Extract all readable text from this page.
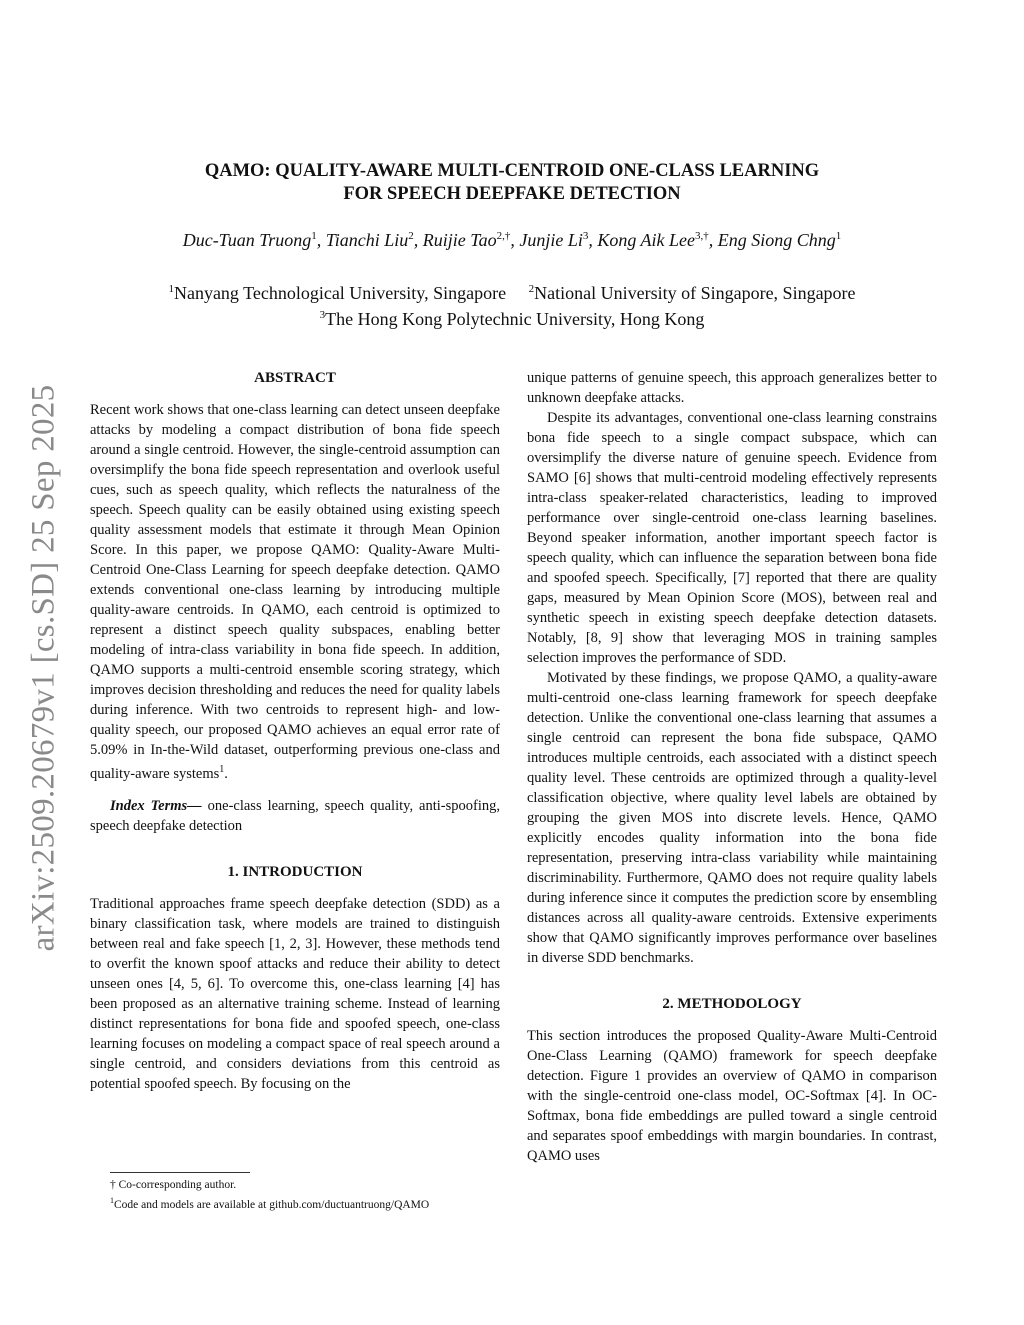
arXiv:2509.20679v1 [cs.SD] 25 Sep 2025
QAMO: QUALITY-AWARE MULTI-CENTROID ONE-CLASS LEARNING
FOR SPEECH DEEPFAKE DETECTION
Duc-Tuan Truong$^1$, Tianchi Liu$^2$, Ruijie Tao$^{2,\dagger}$, Junjie Li$^3$, Kong Aik Lee$^{3,\dagger}$, Eng Siong Chng$^1$
$^1$Nanyang Technological University, Singapore $^2$National University of Singapore, Singapore
$^3$The Hong Kong Polytechnic University, Hong Kong
ABSTRACT

Recent work shows that one-class learning can detect unseen deepfake attacks by modeling a compact distribution of bona fide speech around a single centroid. However, the single-centroid assumption can oversimplify the bona fide speech representation and overlook useful cues, such as speech quality, which reflects the naturalness of the speech. Speech quality can be easily obtained using existing speech quality assessment models that estimate it through Mean Opinion Score. In this paper, we propose QAMO: Quality-Aware Multi-Centroid One-Class Learning for speech deepfake detection. QAMO extends conventional one-class learning by introducing multiple quality-aware centroids. In QAMO, each centroid is optimized to represent a distinct speech quality subspaces, enabling better modeling of intra-class variability in bona fide speech. In addition, QAMO supports a multi-centroid ensemble scoring strategy, which improves decision thresholding and reduces the need for quality labels during inference. With two centroids to represent high- and low-quality speech, our proposed QAMO achieves an equal error rate of 5.09% in In-the-Wild dataset, outperforming previous one-class and quality-aware systems$^1$.

Index Terms— one-class learning, speech quality, anti-spoofing, speech deepfake detection

1. INTRODUCTION

Traditional approaches frame speech deepfake detection (SDD) as a binary classification task, where models are trained to distinguish between real and fake speech [1, 2, 3]. However, these methods tend to overfit the known spoof attacks and reduce their ability to detect unseen ones [4, 5, 6]. To overcome this, one-class learning [4] has been proposed as an alternative training scheme. Instead of learning distinct representations for bona fide and spoofed speech, one-class learning focuses on modeling a compact space of real speech around a single centroid, and considers deviations from this centroid as potential spoofed speech. By focusing on the

unique patterns of genuine speech, this approach generalizes better to unknown deepfake attacks.

Despite its advantages, conventional one-class learning constrains bona fide speech to a single compact subspace, which can oversimplify the diverse nature of genuine speech. Evidence from SAMO [6] shows that multi-centroid modeling effectively represents intra-class speaker-related characteristics, leading to improved performance over single-centroid one-class learning baselines. Beyond speaker information, another important speech factor is speech quality, which can influence the separation between bona fide and spoofed speech. Specifically, [7] reported that there are quality gaps, measured by Mean Opinion Score (MOS), between real and synthetic speech in existing speech deepfake detection datasets. Notably, [8, 9] show that leveraging MOS in training samples selection improves the performance of SDD.

Motivated by these findings, we propose QAMO, a quality-aware multi-centroid one-class learning framework for speech deepfake detection. Unlike the conventional one-class learning that assumes a single centroid can represent the bona fide subspace, QAMO introduces multiple centroids, each associated with a distinct speech quality level. These centroids are optimized through a quality-level classification objective, where quality level labels are obtained by grouping the given MOS into discrete levels. Hence, QAMO explicitly encodes quality information into the bona fide representation, preserving intra-class variability while maintaining discriminability. Furthermore, QAMO does not require quality labels during inference since it computes the prediction score by ensembling distances across all quality-aware centroids. Extensive experiments show that QAMO significantly improves performance over baselines in diverse SDD benchmarks.

2. METHODOLOGY

This section introduces the proposed Quality-Aware Multi-Centroid One-Class Learning (QAMO) framework for speech deepfake detection. Figure 1 provides an overview of QAMO in comparison with the single-centroid one-class model, OC-Softmax [4]. In OC-Softmax, bona fide embeddings are pulled toward a single centroid and separates spoof embeddings with margin boundaries. In contrast, QAMO uses

† Co-corresponding author.
$^1$Code and models are available at github.com/ductuantruong/QAMO
